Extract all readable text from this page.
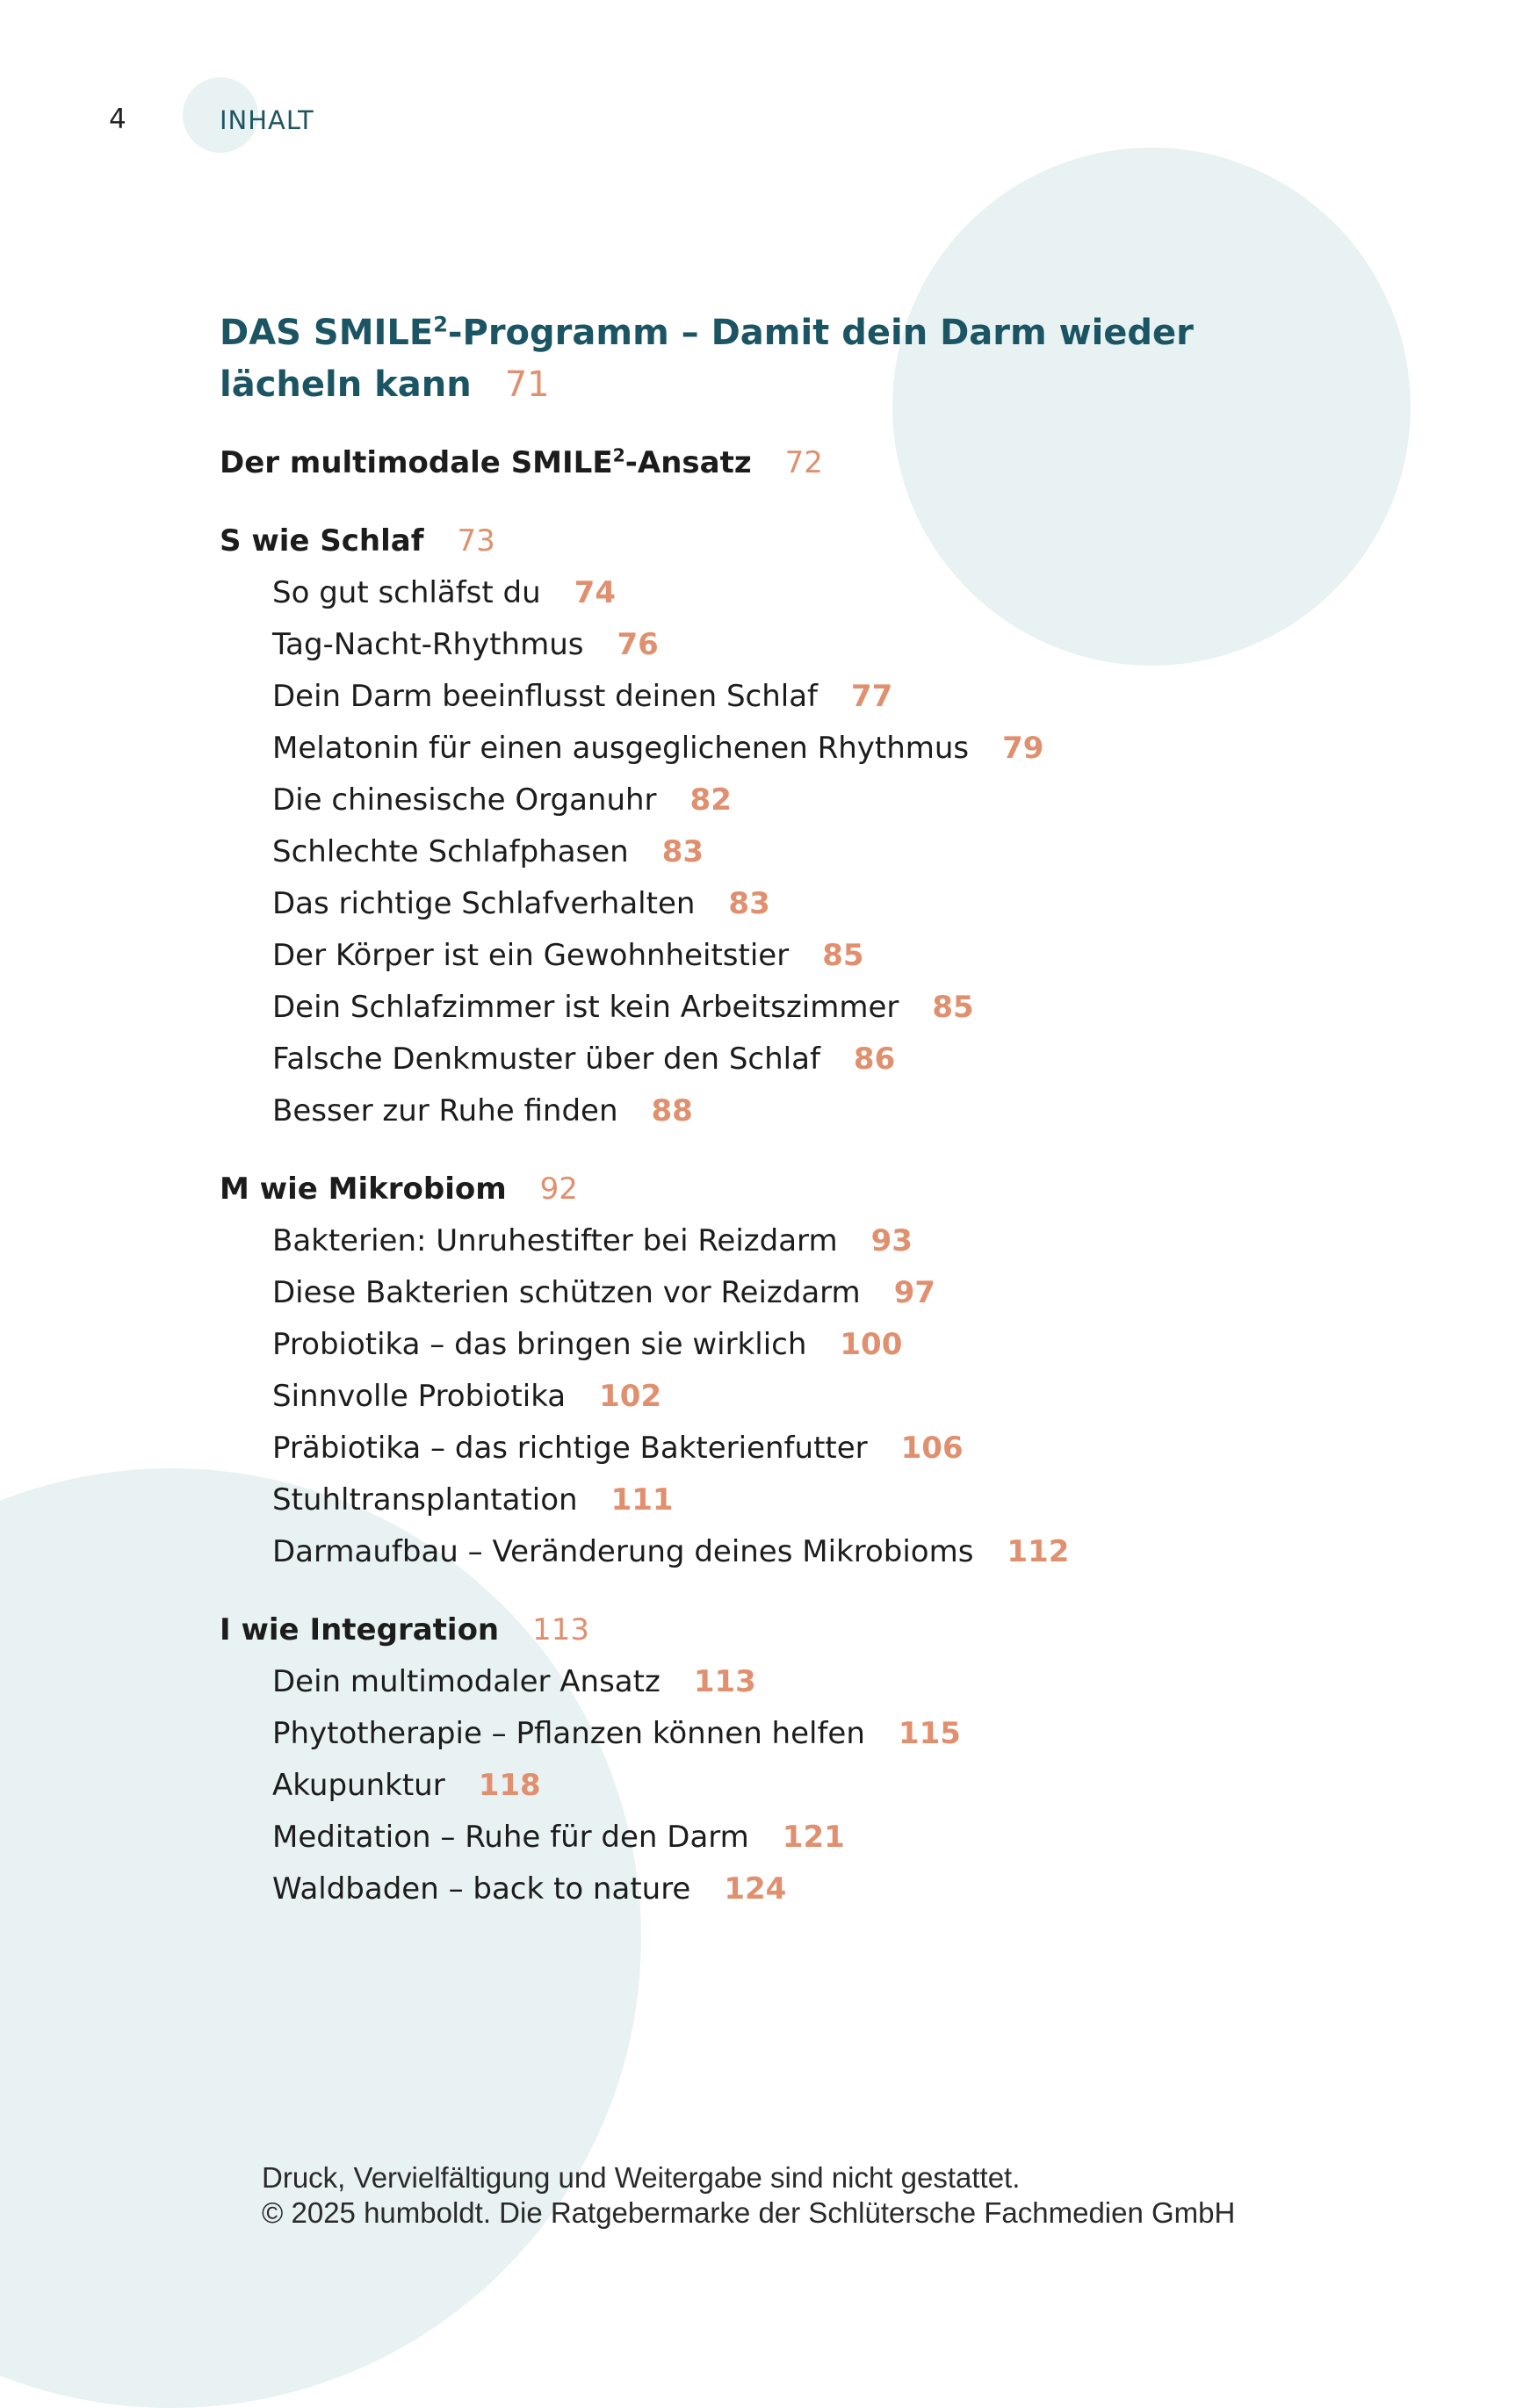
4	INHALT
DAS SMILE$^2$-Programm – Damit dein Darm wieder
lächeln kann 71
Der multimodale SMILE$^2$-Ansatz 72
S wie Schlaf 73
So gut schläfst du 74
Tag-Nacht-Rhythmus 76
Dein Darm beeinflusst deinen Schlaf 77
Melatonin für einen ausgeglichenen Rhythmus 79
Die chinesische Organuhr 82
Schlechte Schlafphasen 83
Das richtige Schlafverhalten 83
Der Körper ist ein Gewohnheitstier 85
Dein Schlafzimmer ist kein Arbeitszimmer 85
Falsche Denkmuster über den Schlaf 86
Besser zur Ruhe finden 88
M wie Mikrobiom 92
Bakterien: Unruhestifter bei Reizdarm 93
Diese Bakterien schützen vor Reizdarm 97
Probiotika – das bringen sie wirklich 100
Sinnvolle Probiotika 102
Präbiotika – das richtige Bakterienfutter 106
Stuhltransplantation 111
Darmaufbau – Veränderung deines Mikrobioms 112
I wie Integration 113
Dein multimodaler Ansatz 113
Phytotherapie – Pflanzen können helfen 115
Akupunktur 118
Meditation – Ruhe für den Darm 121
Waldbaden – back to nature 124
Druck, Vervielfältigung und Weitergabe sind nicht gestattet.
© 2025 humboldt. Die Ratgebermarke der Schlütersche Fachmedien GmbH
